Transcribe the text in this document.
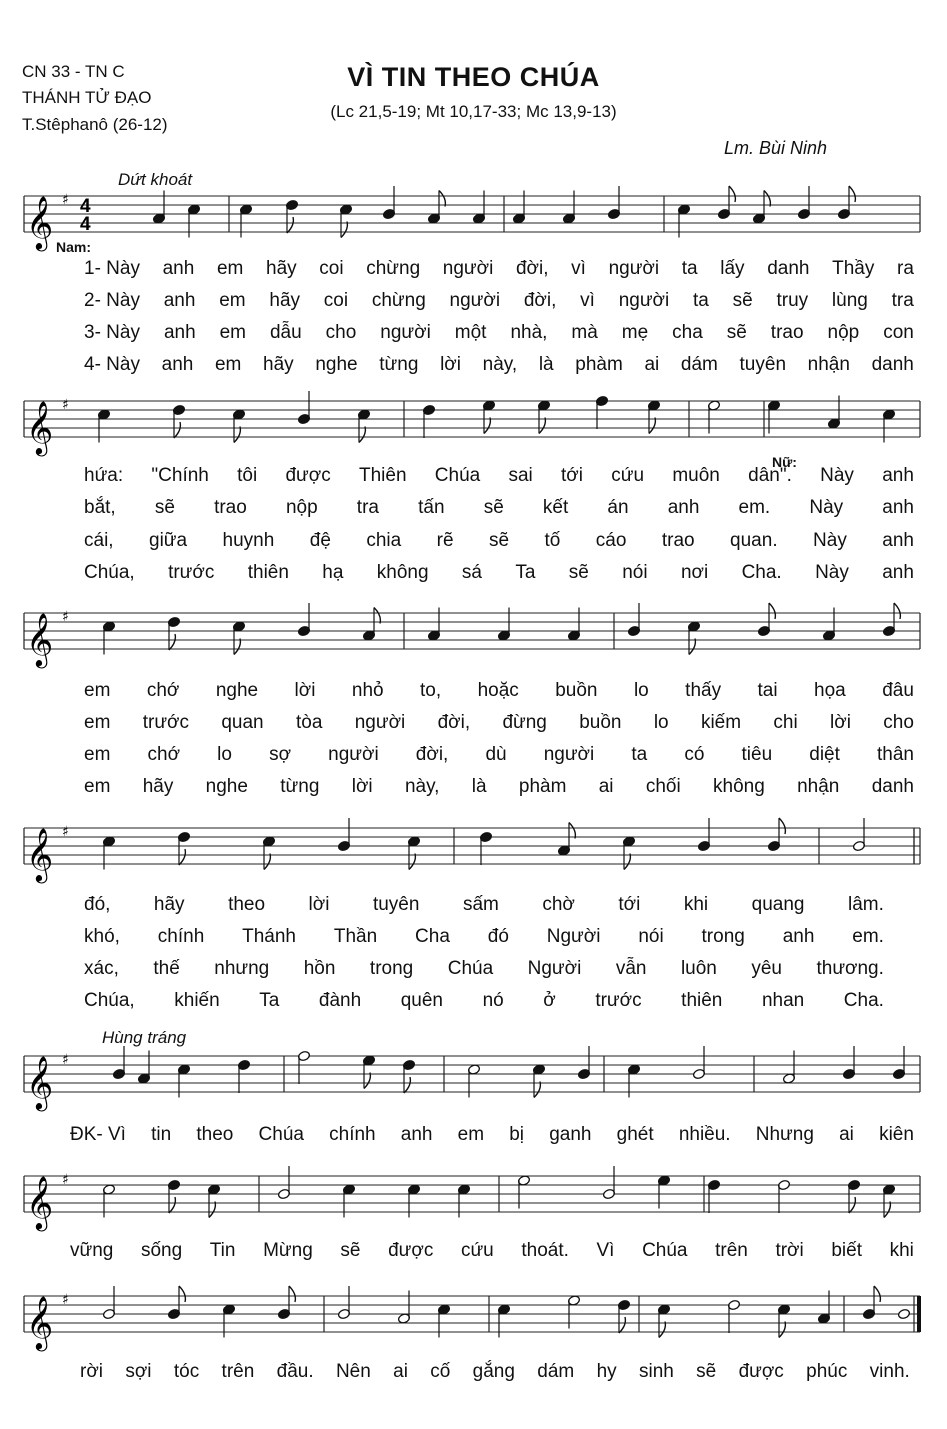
CN 33 - TN C
THÁNH TỬ ĐẠO
T.Stêphanô (26-12)
VÌ TIN THEO CHÚA
(Lc 21,5-19; Mt 10,17-33; Mc 13,9-13)
Lm. Bùi Ninh
Dứt khoát
Nam:
Nữ:
Hùng tráng
𝄞 ♯ 4
4
𝄞 ♯
𝄞 ♯
𝄞 ♯
𝄞 ♯
𝄞 ♯
𝄞 ♯
1- Này anh em hãy coi chừng người đời, vì người ta lấy danh Thầy ra
2- Này anh em hãy coi chừng người đời, vì người ta sẽ truy lùng tra
3- Này anh em dẫu cho người một nhà, mà mẹ cha sẽ trao nộp con
4- Này anh em hãy nghe từng lời này, là phàm ai dám tuyên nhận danh
hứa: "Chính tôi được Thiên Chúa sai tới cứu muôn dân". Này anh
bắt, sẽ trao nộp tra tấn sẽ kết án anh em. Này anh
cái, giữa huynh đệ chia rẽ sẽ tố cáo trao quan. Này anh
Chúa, trước thiên hạ không sá Ta sẽ nói nơi Cha. Này anh
em chớ nghe lời nhỏ to, hoặc buồn lo thấy tai họa đâu
em trước quan tòa người đời, đừng buồn lo kiếm chi lời cho
em chớ lo sợ người đời, dù người ta có tiêu diệt thân
em hãy nghe từng lời này, là phàm ai chối không nhận danh
đó, hãy theo lời tuyên sấm chờ tới khi quang lâm.
khó, chính Thánh Thần Cha đó Người nói trong anh em.
xác, thế nhưng hồn trong Chúa Người vẫn luôn yêu thương.
Chúa, khiến Ta đành quên nó ở trước thiên nhan Cha.
ĐK- Vì tin theo Chúa chính anh em bị ganh ghét nhiều. Nhưng ai kiên
vững sống Tin Mừng sẽ được cứu thoát. Vì Chúa trên trời biết khi
rời sợi tóc trên đầu. Nên ai cố gắng dám hy sinh sẽ được phúc vinh.
